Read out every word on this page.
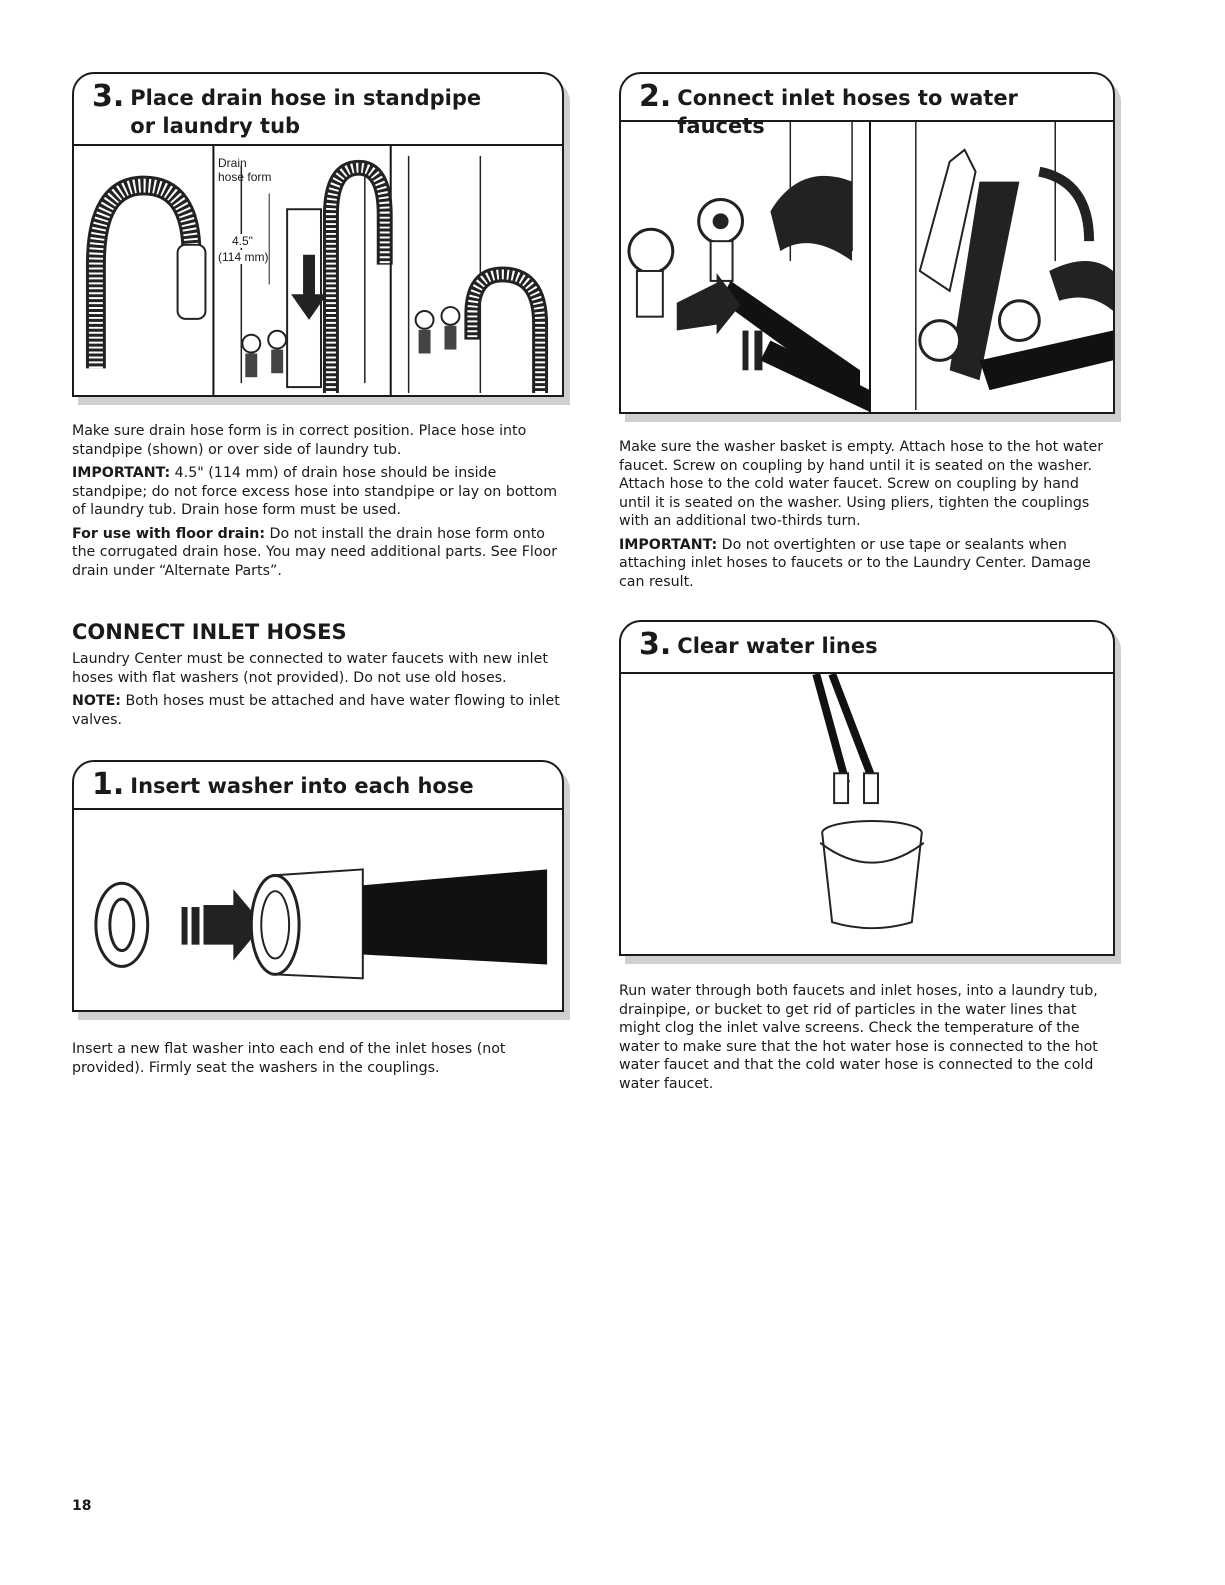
3. Place drain hose in standpipe
or laundry tub
Drain
hose form
4.5"
(114 mm)

Make sure drain hose form is in correct position. Place hose into standpipe (shown) or over side of laundry tub.

IMPORTANT: 4.5" (114 mm) of drain hose should be inside standpipe; do not force excess hose into standpipe or lay on bottom of laundry tub. Drain hose form must be used.

For use with floor drain: Do not install the drain hose form onto the corrugated drain hose. You may need additional parts. See Floor drain under “Alternate Parts”.

CONNECT INLET HOSES

Laundry Center must be connected to water faucets with new inlet hoses with flat washers (not provided). Do not use old hoses.

NOTE: Both hoses must be attached and have water flowing to inlet valves.

1. Insert washer into each hose

Insert a new flat washer into each end of the inlet hoses (not provided). Firmly seat the washers in the couplings.

2. Connect inlet hoses to water faucets

Make sure the washer basket is empty. Attach hose to the hot water faucet. Screw on coupling by hand until it is seated on the washer. Attach hose to the cold water faucet. Screw on coupling by hand until it is seated on the washer. Using pliers, tighten the couplings with an additional two-thirds turn.

IMPORTANT: Do not overtighten or use tape or sealants when attaching inlet hoses to faucets or to the Laundry Center. Damage can result.

3. Clear water lines

Run water through both faucets and inlet hoses, into a laundry tub, drainpipe, or bucket to get rid of particles in the water lines that might clog the inlet valve screens. Check the temperature of the water to make sure that the hot water hose is connected to the hot water faucet and that the cold water hose is connected to the cold water faucet.

18
